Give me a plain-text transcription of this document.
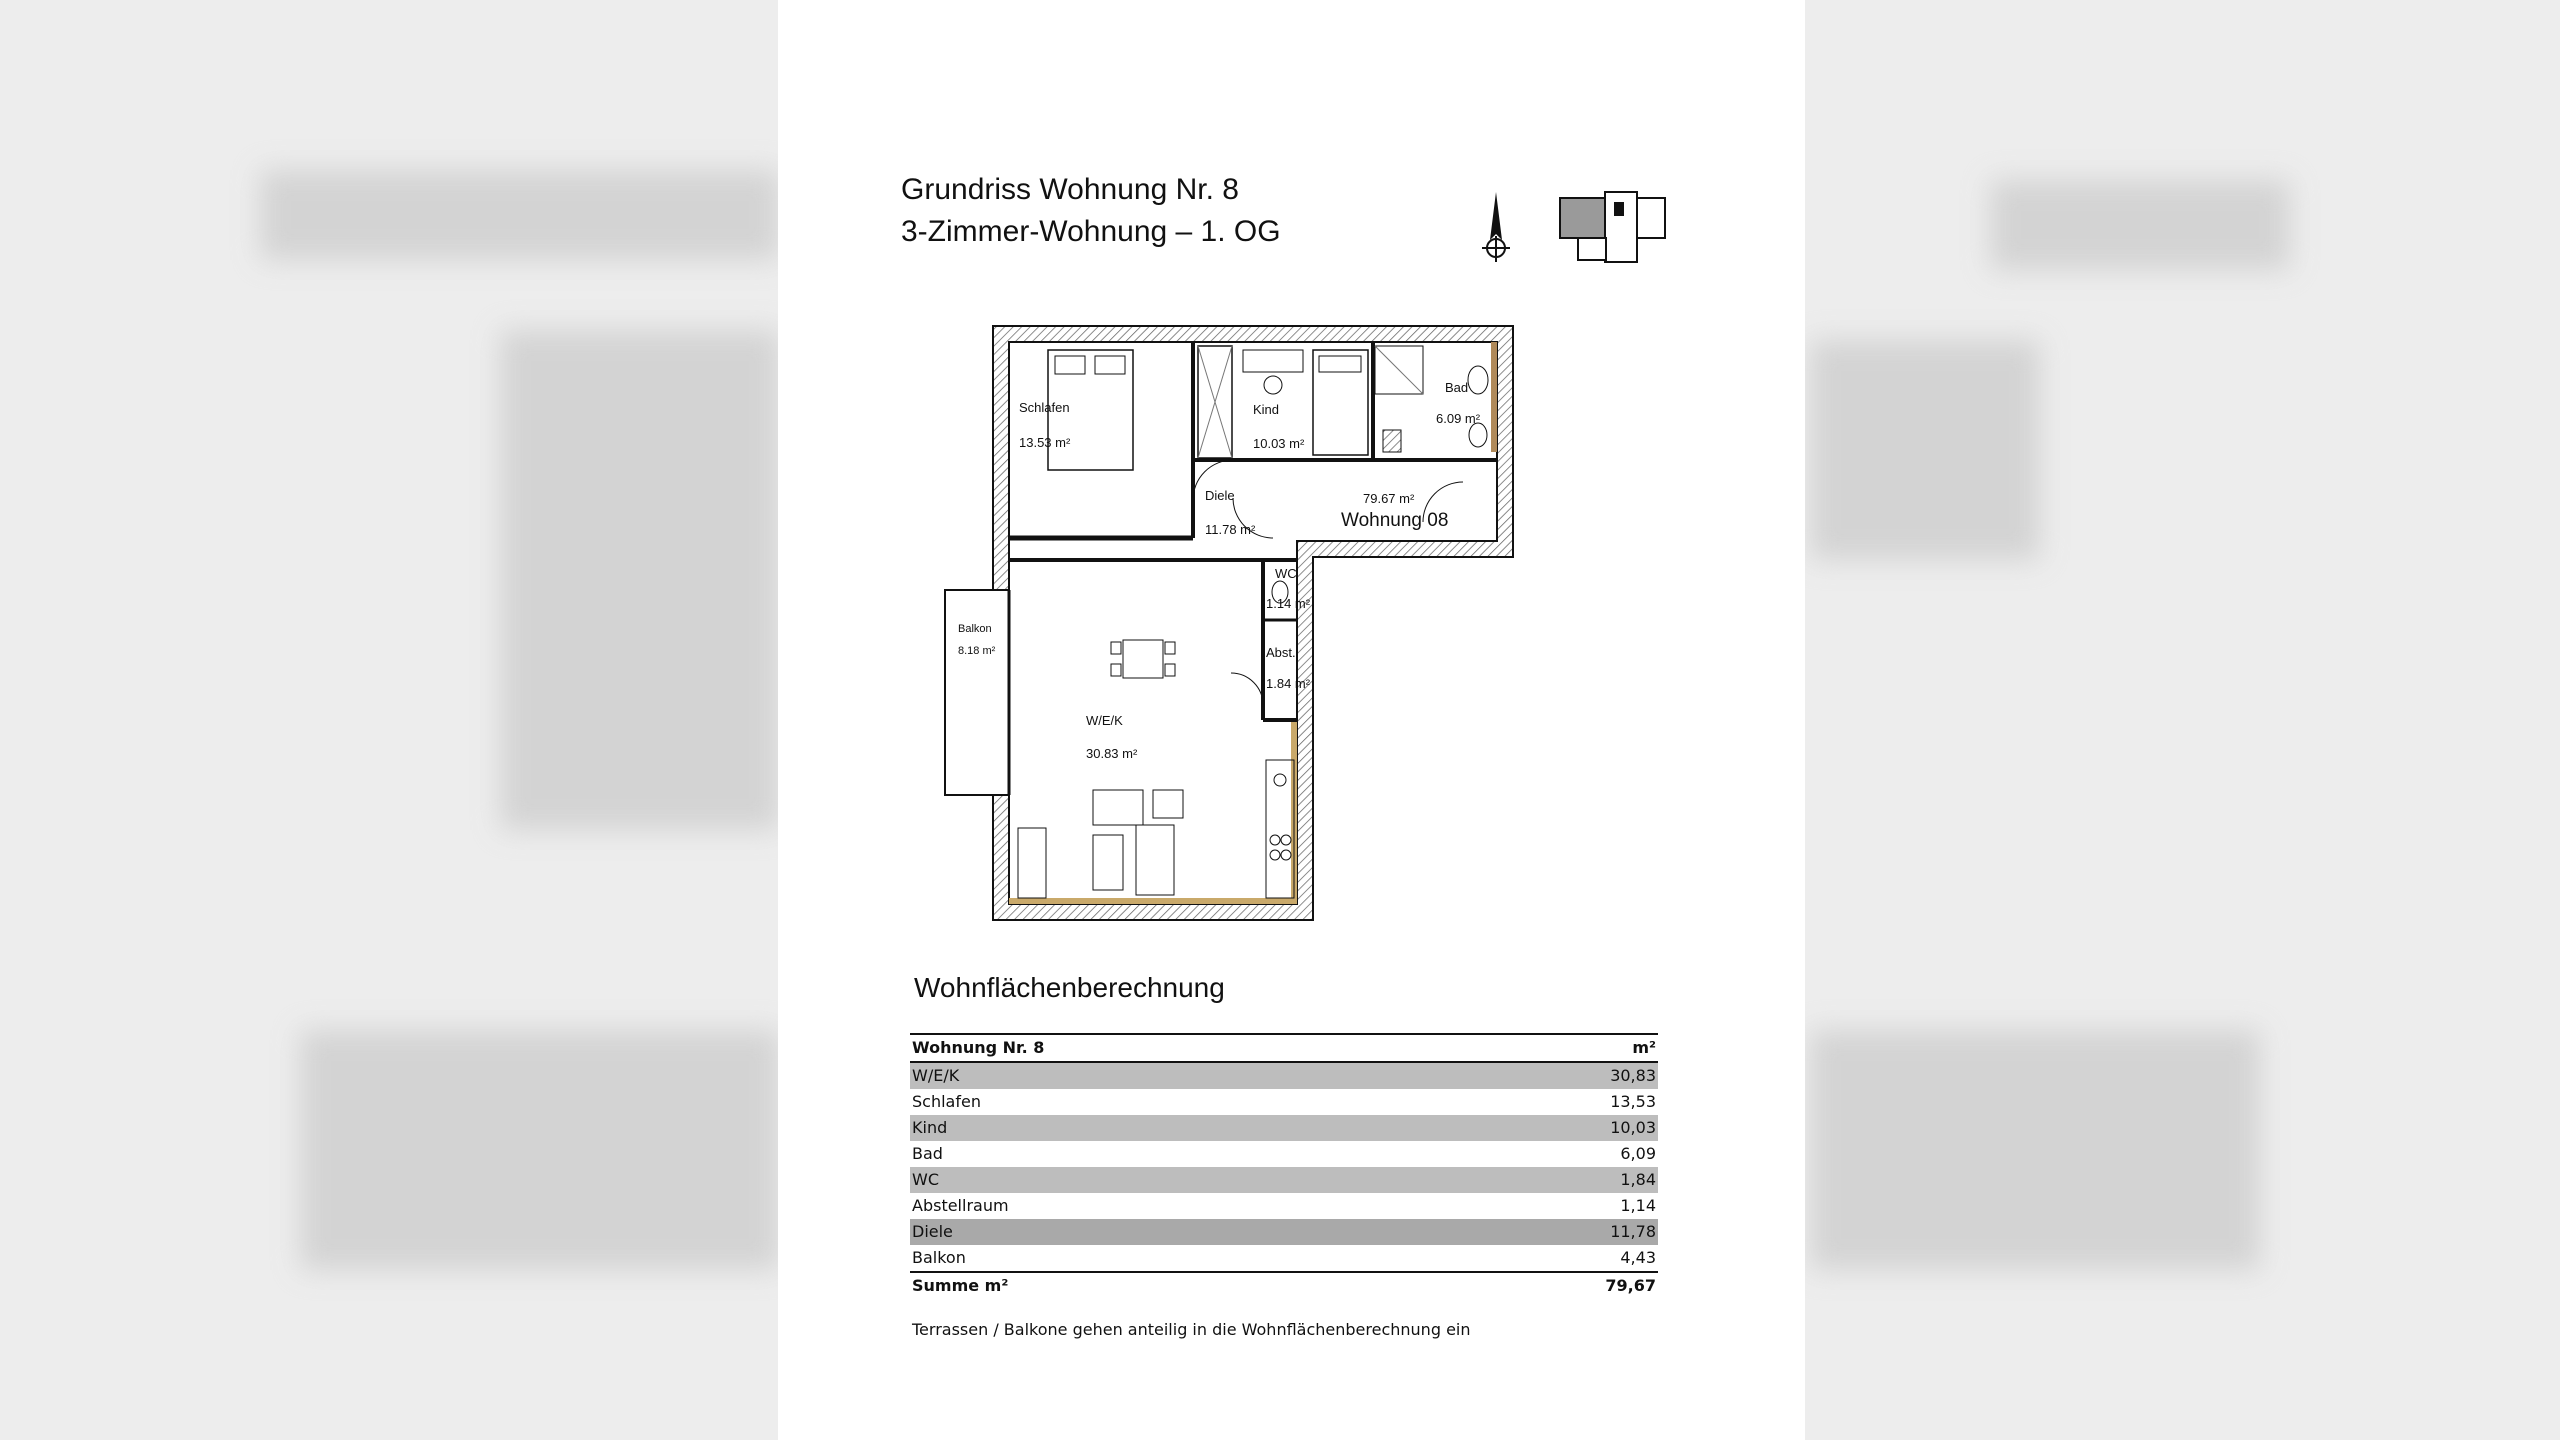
Grundriss Wohnung Nr. 8
3-Zimmer-Wohnung – 1. OG
Schlafen
13.53 m²
Kind
10.03 m²
Bad
6.09 m²
Diele
11.78 m²
79.67 m²
Wohnung 08
WC
1.14 m²
Abst.
1.84 m²
W/E/K
30.83 m²
Balkon
8.18 m²
Wohnflächenberechnung
Wohnung Nr. 8	m²
W/E/K	30,83
Schlafen	13,53
Kind	10,03
Bad	6,09
WC	1,84
Abstellraum	1,14
Diele	11,78
Balkon	4,43
Summe m²	79,67
Terrassen / Balkone gehen anteilig in die Wohnflächenberechnung ein
